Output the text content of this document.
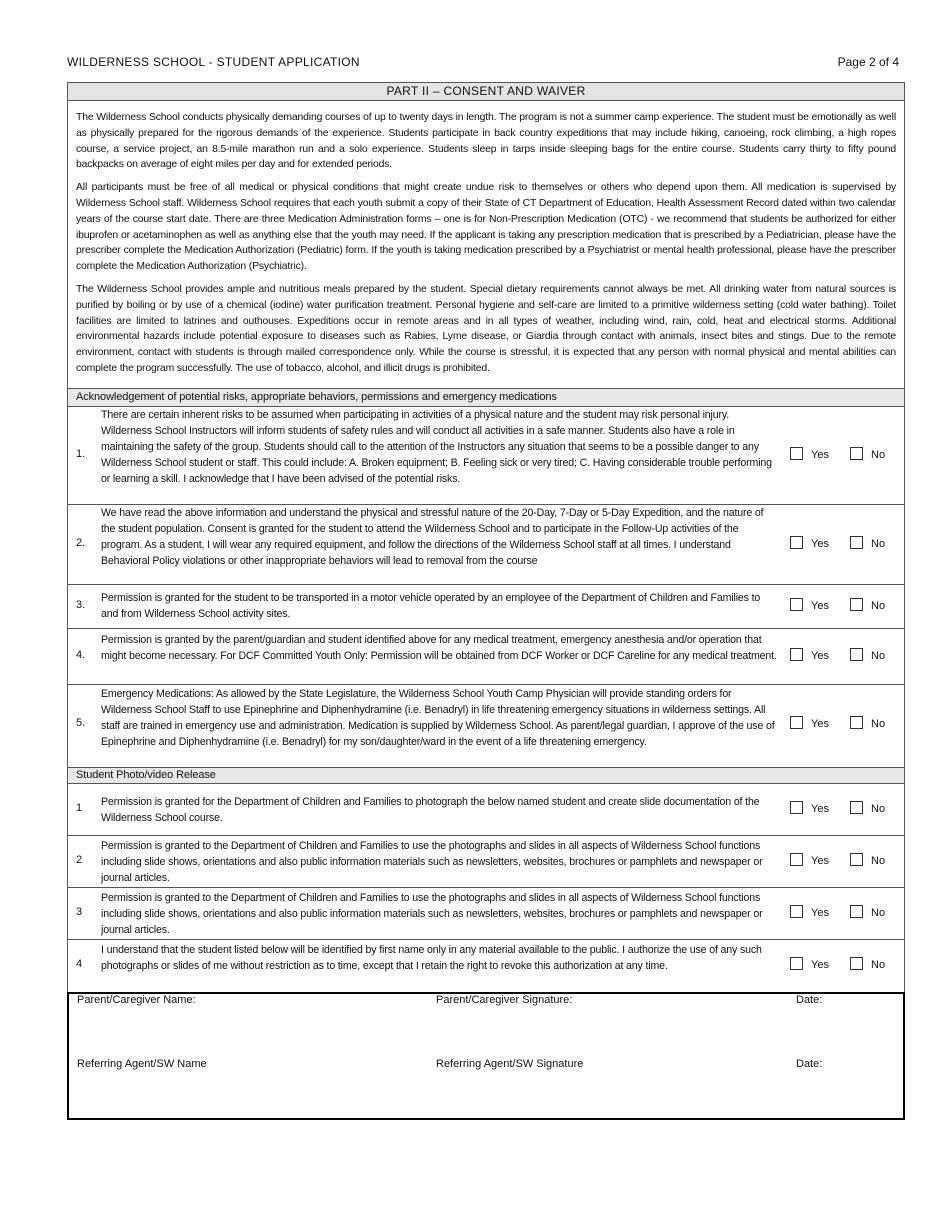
WILDERNESS SCHOOL - STUDENT APPLICATION	Page 2 of 4
PART II – CONSENT AND WAIVER

The Wilderness School conducts physically demanding courses of up to twenty days in length. The program is not a summer camp experience. The student must be emotionally as well as physically prepared for the rigorous demands of the experience. Students participate in back country expeditions that may include hiking, canoeing, rock climbing, a high ropes course, a service project, an 8.5-mile marathon run and a solo experience. Students sleep in tarps inside sleeping bags for the entire course. Students carry thirty to fifty pound backpacks on average of eight miles per day and for extended periods.

All participants must be free of all medical or physical conditions that might create undue risk to themselves or others who depend upon them. All medication is supervised by Wilderness School staff. Wilderness School requires that each youth submit a copy of their State of CT Department of Education, Health Assessment Record dated within two calendar years of the course start date. There are three Medication Administration forms – one is for Non-Prescription Medication (OTC) - we recommend that students be authorized for either ibuprofen or acetaminophen as well as anything else that the youth may need. If the applicant is taking any prescription medication that is prescribed by a Pediatrician, please have the prescriber complete the Medication Authorization (Pediatric) form. If the youth is taking medication prescribed by a Psychiatrist or mental health professional, please have the prescriber complete the Medication Authorization (Psychiatric).

The Wilderness School provides ample and nutritious meals prepared by the student. Special dietary requirements cannot always be met. All drinking water from natural sources is purified by boiling or by use of a chemical (iodine) water purification treatment. Personal hygiene and self-care are limited to a primitive wilderness setting (cold water bathing). Toilet facilities are limited to latrines and outhouses. Expeditions occur in remote areas and in all types of weather, including wind, rain, cold, heat and electrical storms. Additional environmental hazards include potential exposure to diseases such as Rabies, Lyme disease, or Giardia through contact with animals, insect bites and stings. Due to the remote environment, contact with students is through mailed correspondence only. While the course is stressful, it is expected that any person with normal physical and mental abilities can complete the program successfully. The use of tobacco, alcohol, and illicit drugs is prohibited.

Acknowledgement of potential risks, appropriate behaviors, permissions and emergency medications
1.
There are certain inherent risks to be assumed when participating in activities of a physical nature and the student may risk personal injury. Wilderness School Instructors will inform students of safety rules and will conduct all activities in a safe manner. Students also have a role in maintaining the safety of the group. Students should call to the attention of the Instructors any situation that seems to be a possible danger to any Wilderness School student or staff. This could include: A. Broken equipment; B. Feeling sick or very tired; C. Having considerable trouble performing or learning a skill. I acknowledge that I have been advised of the potential risks.
Yes	No
2.
We have read the above information and understand the physical and stressful nature of the 20-Day, 7-Day or 5-Day Expedition, and the nature of the student population. Consent is granted for the student to attend the Wilderness School and to participate in the Follow-Up activities of the program. As a student, I will wear any required equipment, and follow the directions of the Wilderness School staff at all times. I understand Behavioral Policy violations or other inappropriate behaviors will lead to removal from the course
Yes	No
3.
Permission is granted for the student to be transported in a motor vehicle operated by an employee of the Department of Children and Families to and from Wilderness School activity sites.
Yes	No
4.
Permission is granted by the parent/guardian and student identified above for any medical treatment, emergency anesthesia and/or operation that might become necessary. For DCF Committed Youth Only: Permission will be obtained from DCF Worker or DCF Careline for any medical treatment.	Yes	No
5.
Emergency Medications: As allowed by the State Legislature, the Wilderness School Youth Camp Physician will provide standing orders for Wilderness School Staff to use Epinephrine and Diphenhydramine (i.e. Benadryl) in life threatening emergency situations in wilderness settings. All staff are trained in emergency use and administration. Medication is supplied by Wilderness School. As parent/legal guardian, I approve of the use of Epinephrine and Diphenhydramine (i.e. Benadryl) for my son/daughter/ward in the event of a life threatening emergency.
Yes	No
Student Photo/video Release
1 Permission is granted for the Department of Children and Families to photograph the below named student and create slide documentation of the Wilderness School course.
Yes	No
2
Permission is granted to the Department of Children and Families to use the photographs and slides in all aspects of Wilderness School functions including slide shows, orientations and also public information materials such as newsletters, websites, brochures or pamphlets and newspaper or journal articles.
Yes	No
3
Permission is granted to the Department of Children and Families to use the photographs and slides in all aspects of Wilderness School functions including slide shows, orientations and also public information materials such as newsletters, websites, brochures or pamphlets and newspaper or journal articles.
Yes	No
4
I understand that the student listed below will be identified by first name only in any material available to the public. I authorize the use of any such photographs or slides of me without restriction as to time, except that I retain the right to revoke this authorization at any time.	Yes	No
Parent/Caregiver Name:	Parent/Caregiver Signature:	Date:
Referring Agent/SW Name	Referring Agent/SW Signature	Date:
